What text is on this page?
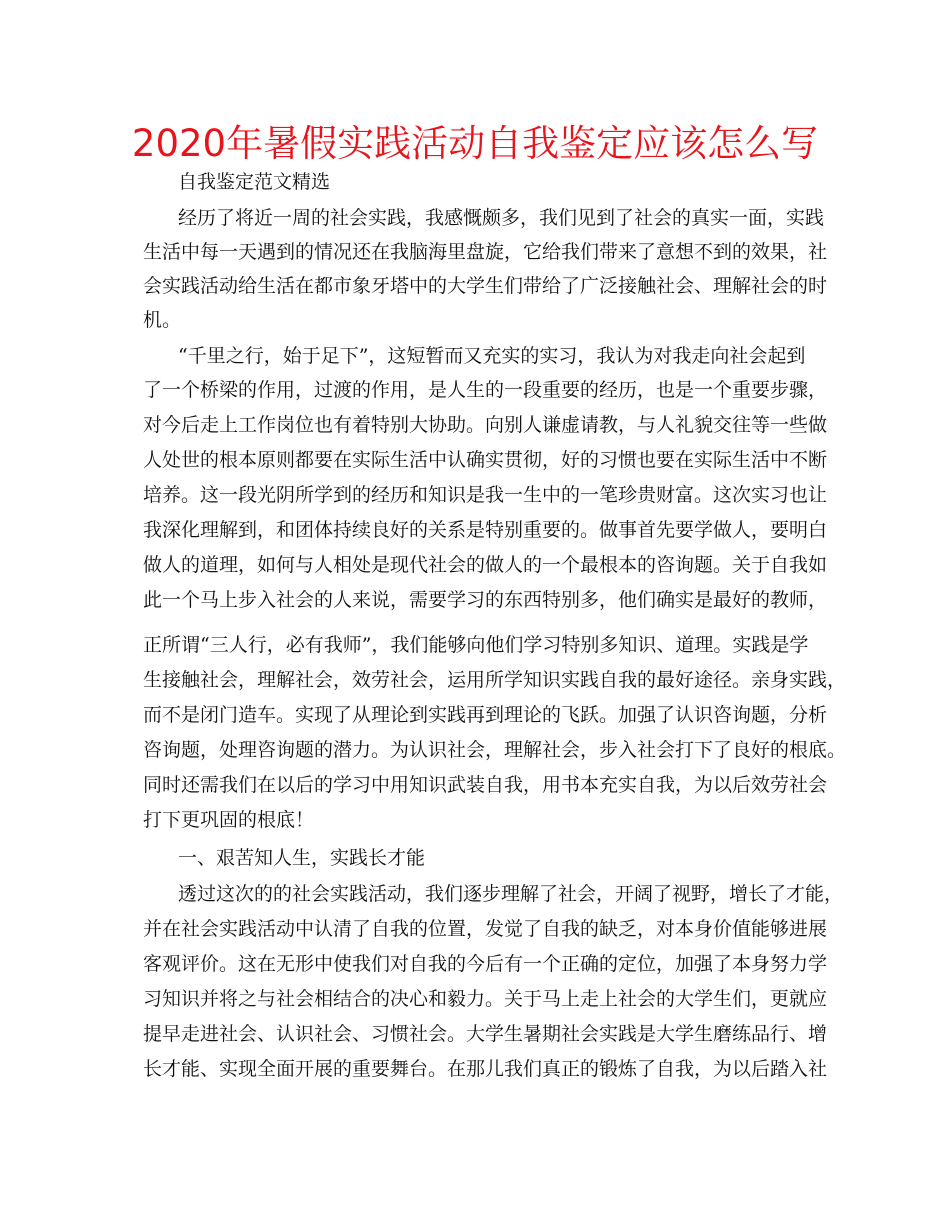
2020年暑假实践活动自我鉴定应该怎么写
自我鉴定范文精选
经历了将近一周的社会实践，我感慨颇多，我们见到了社会的真实一面，实践
生活中每一天遇到的情况还在我脑海里盘旋，它给我们带来了意想不到的效果，社
会实践活动给生活在都市象牙塔中的大学生们带给了广泛接触社会、理解社会的时
机。
“千里之行，始于足下”，这短暂而又充实的实习，我认为对我走向社会起到
了一个桥梁的作用，过渡的作用，是人生的一段重要的经历，也是一个重要步骤，
对今后走上工作岗位也有着特别大协助。向别人谦虚请教，与人礼貌交往等一些做
人处世的根本原则都要在实际生活中认确实贯彻，好的习惯也要在实际生活中不断
培养。这一段光阴所学到的经历和知识是我一生中的一笔珍贵财富。这次实习也让
我深化理解到，和团体持续良好的关系是特别重要的。做事首先要学做人，要明白
做人的道理，如何与人相处是现代社会的做人的一个最根本的咨询题。关于自我如
此一个马上步入社会的人来说，需要学习的东西特别多，他们确实是最好的教师，
正所谓“三人行，必有我师”，我们能够向他们学习特别多知识、道理。实践是学
生接触社会，理解社会，效劳社会，运用所学知识实践自我的最好途径。亲身实践，
而不是闭门造车。实现了从理论到实践再到理论的飞跃。加强了认识咨询题，分析
咨询题，处理咨询题的潜力。为认识社会，理解社会，步入社会打下了良好的根底。
同时还需我们在以后的学习中用知识武装自我，用书本充实自我，为以后效劳社会
打下更巩固的根底！
一、艰苦知人生，实践长才能
透过这次的的社会实践活动，我们逐步理解了社会，开阔了视野，增长了才能，
并在社会实践活动中认清了自我的位置，发觉了自我的缺乏，对本身价值能够进展
客观评价。这在无形中使我们对自我的今后有一个正确的定位，加强了本身努力学
习知识并将之与社会相结合的决心和毅力。关于马上走上社会的大学生们，更就应
提早走进社会、认识社会、习惯社会。大学生暑期社会实践是大学生磨练品行、增
长才能、实现全面开展的重要舞台。在那儿我们真正的锻炼了自我，为以后踏入社
